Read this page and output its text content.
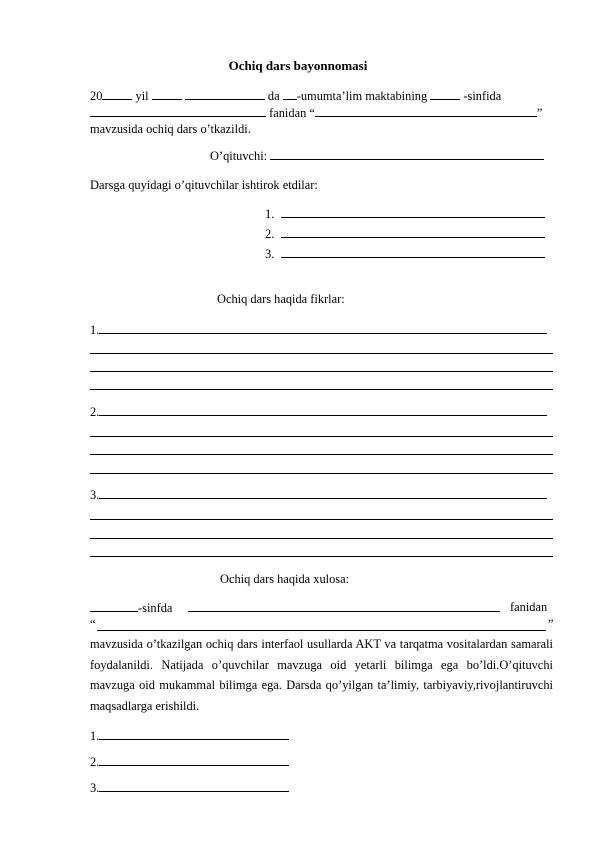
Ochiq dars bayonnomasi
20	yil	da -umumta’lim maktabining	-sinfida
fanidan “	”
mavzusida ochiq dars o’tkazildi.
O’qituvchi:
Darsga quyidagi o’qituvchilar ishtirok etdilar:
1.
2.
3.
Ochiq dars haqida fikrlar:
1.
2.
3.
Ochiq dars haqida xulosa:
-sinfda	fanidan
“	”
mavzusida o’tkazilgan ochiq dars interfaol usullarda AKT va tarqatma vositalardan samarali foydalanildi. Natijada o’quvchilar mavzuga oid yetarli bilimga ega bo’ldi.O’qituvchi mavzuga oid mukammal bilimga ega. Darsda qo’yilgan ta’limiy, tarbiyaviy,rivojlantiruvchi maqsadlarga erishildi.
1.
2.
3.
